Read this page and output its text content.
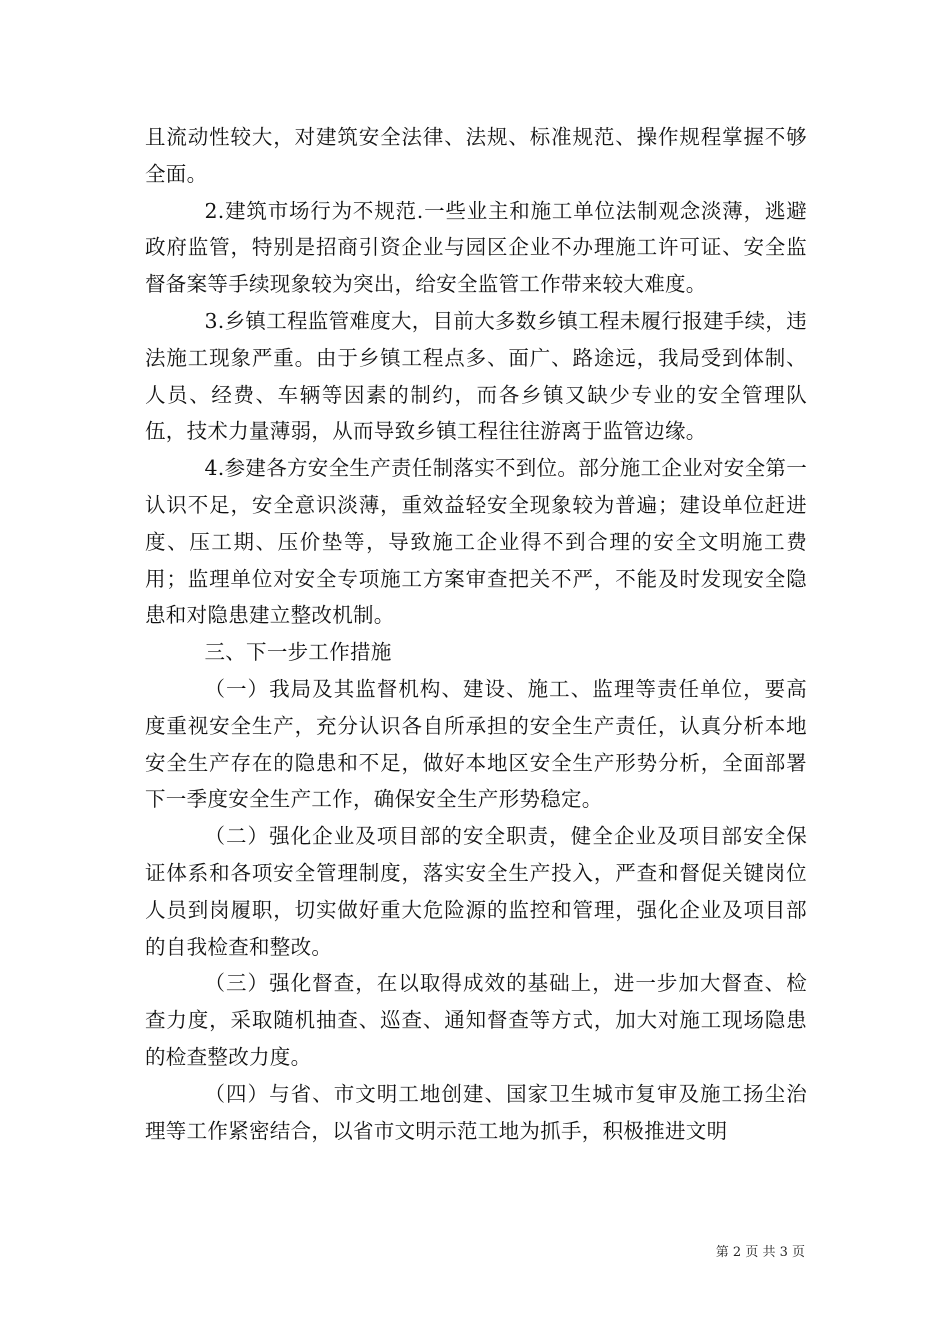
且流动性较大，对建筑安全法律、法规、标准规范、操作规程掌握不够全面。

2.建筑市场行为不规范.一些业主和施工单位法制观念淡薄，逃避政府监管，特别是招商引资企业与园区企业不办理施工许可证、安全监督备案等手续现象较为突出，给安全监管工作带来较大难度。

3.乡镇工程监管难度大，目前大多数乡镇工程未履行报建手续，违法施工现象严重。由于乡镇工程点多、面广、路途远，我局受到体制、人员、经费、车辆等因素的制约，而各乡镇又缺少专业的安全管理队伍，技术力量薄弱，从而导致乡镇工程往往游离于监管边缘。

4.参建各方安全生产责任制落实不到位。部分施工企业对安全第一认识不足，安全意识淡薄，重效益轻安全现象较为普遍；建设单位赶进度、压工期、压价垫等，导致施工企业得不到合理的安全文明施工费用；监理单位对安全专项施工方案审查把关不严，不能及时发现安全隐患和对隐患建立整改机制。

三、下一步工作措施

（一）我局及其监督机构、建设、施工、监理等责任单位，要高度重视安全生产，充分认识各自所承担的安全生产责任，认真分析本地安全生产存在的隐患和不足，做好本地区安全生产形势分析，全面部署下一季度安全生产工作，确保安全生产形势稳定。

（二）强化企业及项目部的安全职责，健全企业及项目部安全保证体系和各项安全管理制度，落实安全生产投入，严查和督促关键岗位人员到岗履职，切实做好重大危险源的监控和管理，强化企业及项目部的自我检查和整改。

（三）强化督查，在以取得成效的基础上，进一步加大督查、检查力度，采取随机抽查、巡查、通知督查等方式，加大对施工现场隐患的检查整改力度。

（四）与省、市文明工地创建、国家卫生城市复审及施工扬尘治理等工作紧密结合，以省市文明示范工地为抓手，积极推进文明

第 2 页 共 3 页
